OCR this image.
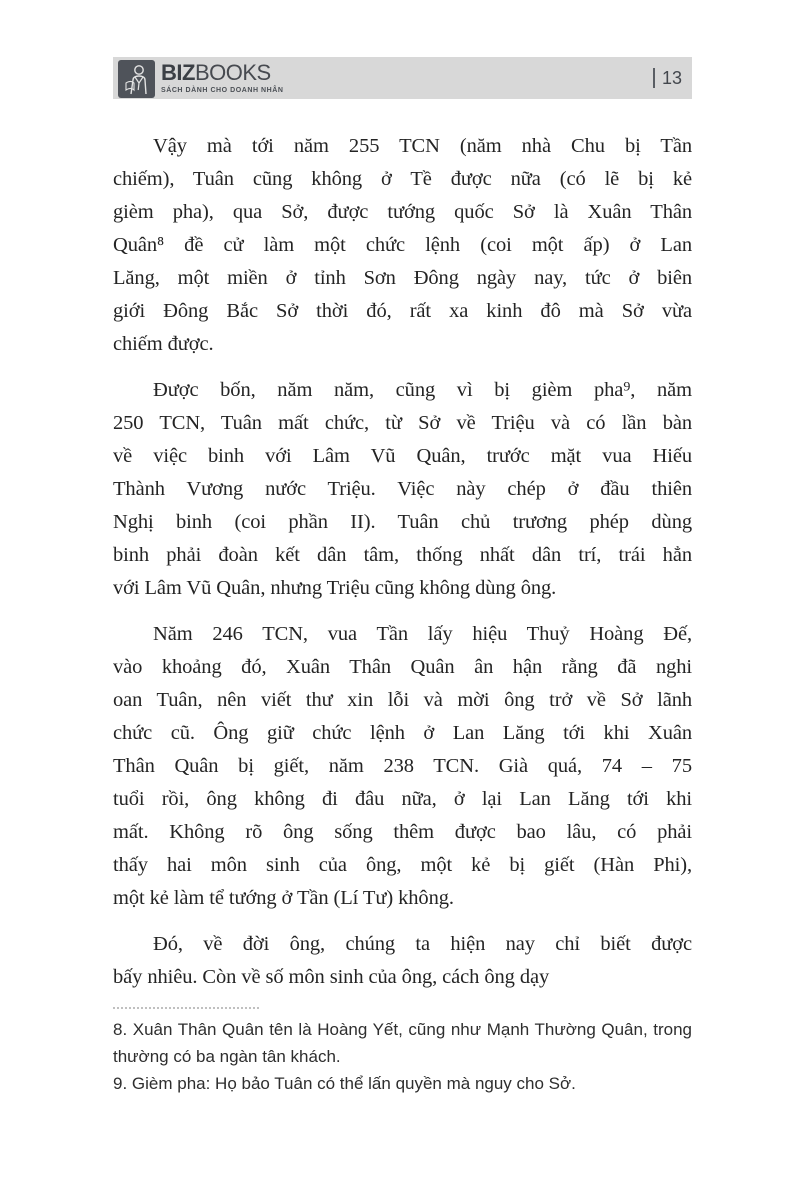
BIZBOOKS
SÁCH DÀNH CHO DOANH NHÂN
13
Vậy mà tới năm 255 TCN (năm nhà Chu bị Tần
chiếm), Tuân cũng không ở Tề được nữa (có lẽ bị kẻ
gièm pha), qua Sở, được tướng quốc Sở là Xuân Thân
Quân⁸ đề cử làm một chức lệnh (coi một ấp) ở Lan
Lăng, một miền ở tỉnh Sơn Đông ngày nay, tức ở biên
giới Đông Bắc Sở thời đó, rất xa kinh đô mà Sở vừa
chiếm được.
Được bốn, năm năm, cũng vì bị gièm pha⁹, năm
250 TCN, Tuân mất chức, từ Sở về Triệu và có lần bàn
về việc binh với Lâm Vũ Quân, trước mặt vua Hiếu
Thành Vương nước Triệu. Việc này chép ở đầu thiên
Nghị binh (coi phần II). Tuân chủ trương phép dùng
binh phải đoàn kết dân tâm, thống nhất dân trí, trái hẳn
với Lâm Vũ Quân, nhưng Triệu cũng không dùng ông.
Năm 246 TCN, vua Tần lấy hiệu Thuỷ Hoàng Đế,
vào khoảng đó, Xuân Thân Quân ân hận rằng đã nghi
oan Tuân, nên viết thư xin lỗi và mời ông trở về Sở lãnh
chức cũ. Ông giữ chức lệnh ở Lan Lăng tới khi Xuân
Thân Quân bị giết, năm 238 TCN. Già quá, 74 – 75
tuổi rồi, ông không đi đâu nữa, ở lại Lan Lăng tới khi
mất. Không rõ ông sống thêm được bao lâu, có phải
thấy hai môn sinh của ông, một kẻ bị giết (Hàn Phi),
một kẻ làm tể tướng ở Tần (Lí Tư) không.
Đó, về đời ông, chúng ta hiện nay chỉ biết được
bấy nhiêu. Còn về số môn sinh của ông, cách ông dạy
8. Xuân Thân Quân tên là Hoàng Yết, cũng như Mạnh Thường Quân, trong
thường có ba ngàn tân khách.
9. Gièm pha: Họ bảo Tuân có thể lấn quyền mà nguy cho Sở.
